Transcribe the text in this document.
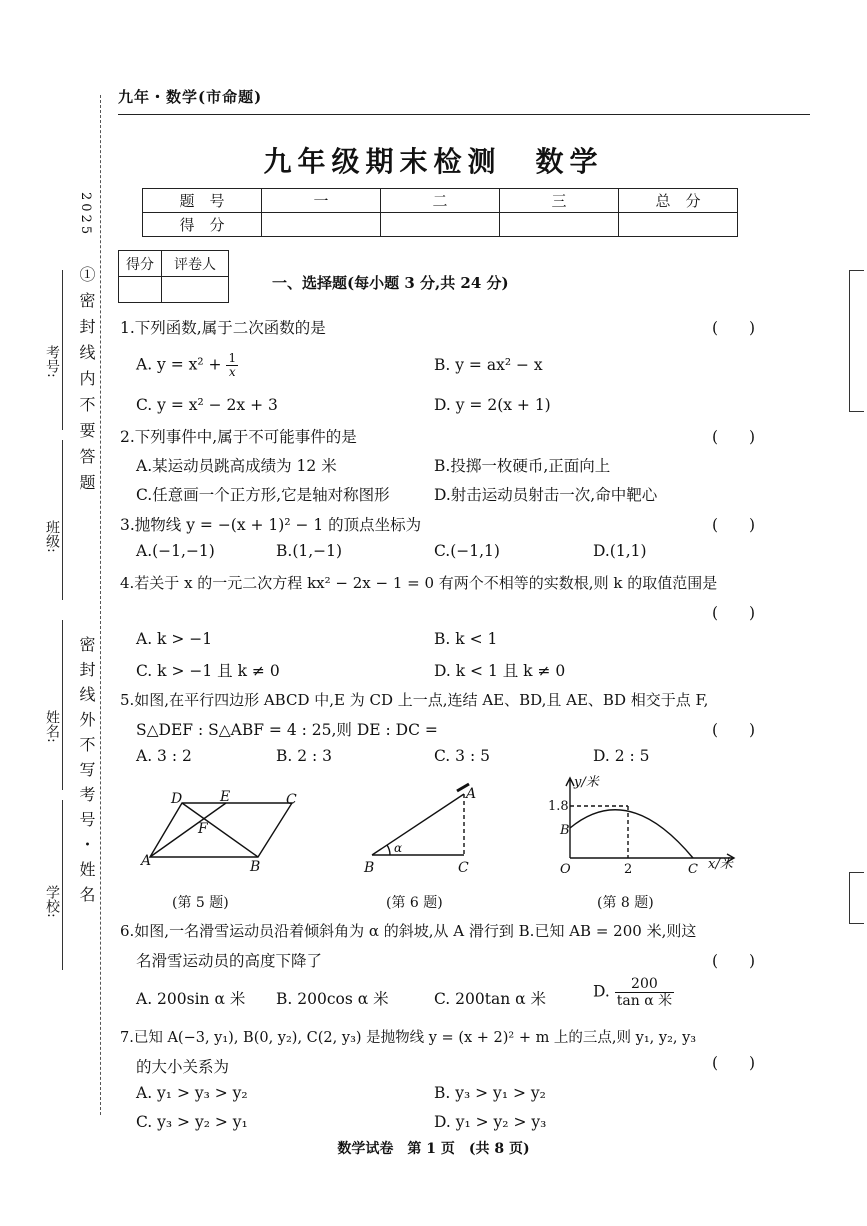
2025
①密封线内不要答题
密封线外不写考号・姓名
考号:
班级:
姓名:
学校:
九年・数学(市命题)
九年级期末检测　数学
题　号	一	二	三	总　分
得　分				
得分	评卷人

一、选择题(每小题 3 分,共 24 分)
1.下列函数,属于二次函数的是	(　　)
A. $y = x^2 + \frac{1}{x}$	B. y = ax² − x
C. y = x² − 2x + 3	D. y = 2(x + 1)
2.下列事件中,属于不可能事件的是	(　　)
A.某运动员跳高成绩为 12 米	B.投掷一枚硬币,正面向上
C.任意画一个正方形,它是轴对称图形	D.射击运动员射击一次,命中靶心
3.抛物线 y = −(x + 1)² − 1 的顶点坐标为	(　　)
A.(−1,−1)	B.(1,−1)	C.(−1,1)	D.(1,1)
4.若关于 x 的一元二次方程 kx² − 2x − 1 = 0 有两个不相等的实数根,则 k 的取值范围是
(　　)
A. k > −1	B. k < 1
C. k > −1 且 k ≠ 0	D. k < 1 且 k ≠ 0
5.如图,在平行四边形 ABCD 中,E 为 CD 上一点,连结 AE、BD,且 AE、BD 相交于点 F,
S△DEF : S△ABF = 4 : 25,则 DE : DC =	(　　)
A. 3 : 2	B. 2 : 3	C. 3 : 5	D. 2 : 5
D	E	C
F
A	B
A
B
α
C
y/米
1.8
B
O	2	C x/米
(第 5 题)	(第 6 题)	(第 8 题)
6.如图,一名滑雪运动员沿着倾斜角为 α 的斜坡,从 A 滑行到 B.已知 AB = 200 米,则这
名滑雪运动员的高度下降了	(　　)
A. 200sin α 米 B. 200cos α 米	C. 200tan α 米	D. $\frac{200}{\text{tan α 米}}$
7.已知 A(−3, y₁), B(0, y₂), C(2, y₃) 是抛物线 y = (x + 2)² + m 上的三点,则 y₁, y₂, y₃
的大小关系为	(　　)
A. y₁ > y₃ > y₂	B. y₃ > y₁ > y₂
C. y₃ > y₂ > y₁	D. y₁ > y₂ > y₃
数学试卷　第 1 页　(共 8 页)
